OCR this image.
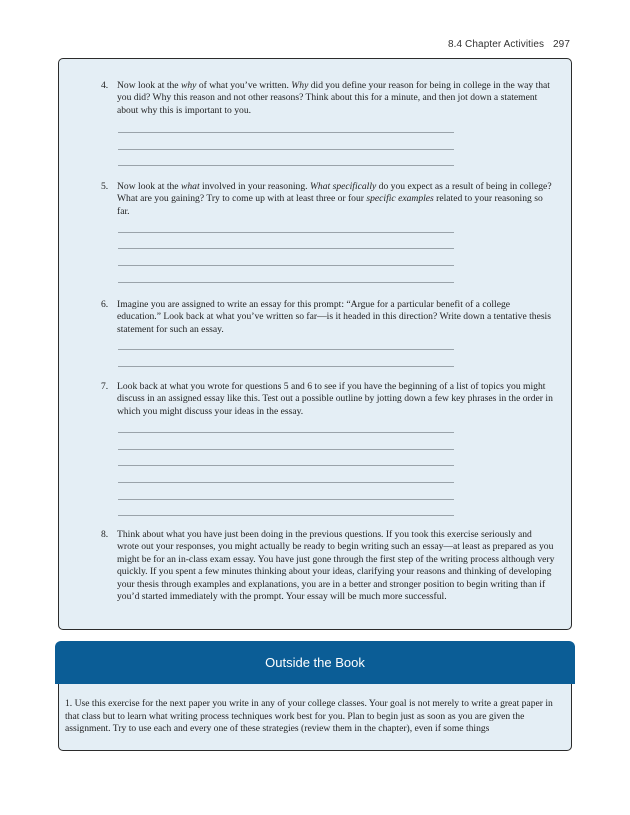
8.4 Chapter Activities 297
4. Now look at the why of what you’ve written. Why did you define your reason for being in college in the way that you did? Why this reason and not other reasons? Think about this for a minute, and then jot down a statement about why this is important to you.
5. Now look at the what involved in your reasoning. What specifically do you expect as a result of being in college? What are you gaining? Try to come up with at least three or four specific examples related to your reasoning so far.
6. Imagine you are assigned to write an essay for this prompt: “Argue for a particular benefit of a college education.” Look back at what you’ve written so far—is it headed in this direction? Write down a tentative thesis statement for such an essay.
7. Look back at what you wrote for questions 5 and 6 to see if you have the beginning of a list of topics you might discuss in an assigned essay like this. Test out a possible outline by jotting down a few key phrases in the order in which you might discuss your ideas in the essay.
8. Think about what you have just been doing in the previous questions. If you took this exercise seriously and wrote out your responses, you might actually be ready to begin writing such an essay—at least as prepared as you might be for an in-class exam essay. You have just gone through the first step of the writing process although very quickly. If you spent a few minutes thinking about your ideas, clarifying your reasons and thinking of developing your thesis through examples and explanations, you are in a better and stronger position to begin writing than if you’d started immediately with the prompt. Your essay will be much more successful.
Outside the Book

1. Use this exercise for the next paper you write in any of your college classes. Your goal is not merely to write a great paper in that class but to learn what writing process techniques work best for you. Plan to begin just as soon as you are given the assignment. Try to use each and every one of these strategies (review them in the chapter), even if some things
